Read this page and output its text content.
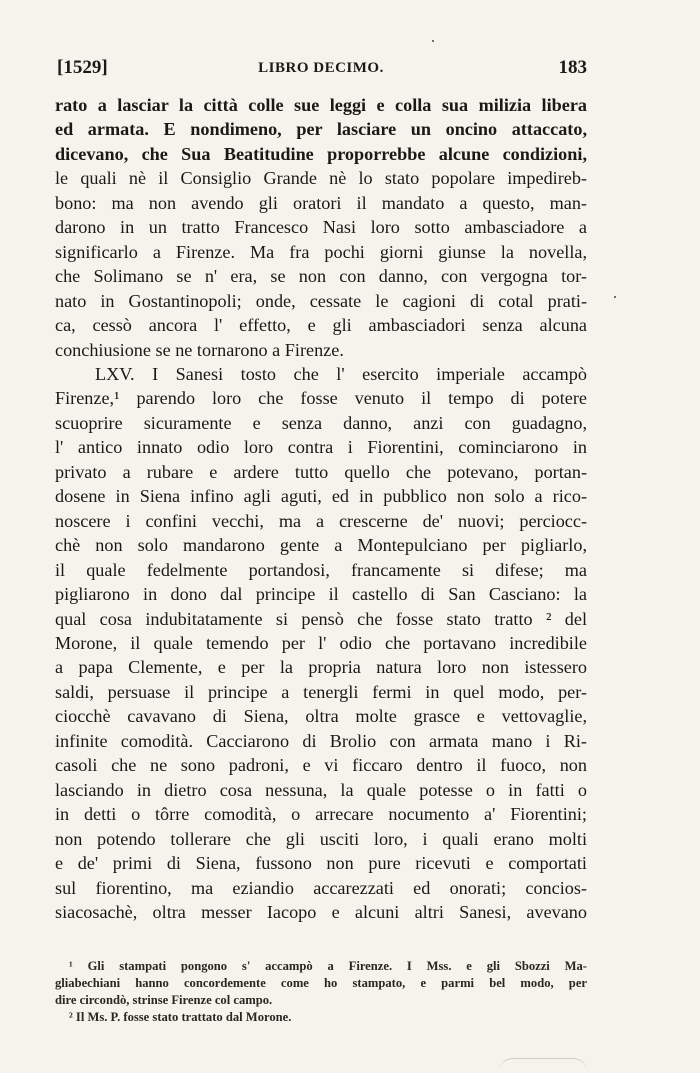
[1529]	LIBRO DECIMO.	183
rato a lasciar la città colle sue leggi e colla sua milizia libera
ed armata. E nondimeno, per lasciare un oncino attaccato,
dicevano, che Sua Beatitudine proporrebbe alcune condizioni,
le quali nè il Consiglio Grande nè lo stato popolare impedireb-
bono: ma non avendo gli oratori il mandato a questo, man-
darono in un tratto Francesco Nasi loro sotto ambasciadore a
significarlo a Firenze. Ma fra pochi giorni giunse la novella,
che Solimano se n' era, se non con danno, con vergogna tor-
nato in Gostantinopoli; onde, cessate le cagioni di cotal prati-
ca, cessò ancora l' effetto, e gli ambasciadori senza alcuna
conchiusione se ne tornarono a Firenze.
LXV. I Sanesi tosto che l' esercito imperiale accampò
Firenze,¹ parendo loro che fosse venuto il tempo di potere
scuoprire sicuramente e senza danno, anzi con guadagno,
l' antico innato odio loro contra i Fiorentini, cominciarono in
privato a rubare e ardere tutto quello che potevano, portan-
dosene in Siena infino agli aguti, ed in pubblico non solo a rico-
noscere i confini vecchi, ma a crescerne de' nuovi; perciocc-
chè non solo mandarono gente a Montepulciano per pigliarlo,
il quale fedelmente portandosi, francamente si difese; ma
pigliarono in dono dal principe il castello di San Casciano: la
qual cosa indubitatamente si pensò che fosse stato tratto ² del
Morone, il quale temendo per l' odio che portavano incredibile
a papa Clemente, e per la propria natura loro non istessero
saldi, persuase il principe a tenergli fermi in quel modo, per-
ciocchè cavavano di Siena, oltra molte grasce e vettovaglie,
infinite comodità. Cacciarono di Brolio con armata mano i Ri-
casoli che ne sono padroni, e vi ficcaro dentro il fuoco, non
lasciando in dietro cosa nessuna, la quale potesse o in fatti o
in detti o tôrre comodità, o arrecare nocumento a' Fiorentini;
non potendo tollerare che gli usciti loro, i quali erano molti
e de' primi di Siena, fussono non pure ricevuti e comportati
sul fiorentino, ma eziandio accarezzati ed onorati; concios-
siacosachè, oltra messer Iacopo e alcuni altri Sanesi, avevano
¹ Gli stampati pongono s' accampò a Firenze. I Mss. e gli Sbozzi Ma-
gliabechiani hanno concordemente come ho stampato, e parmi bel modo, per
dire circondò, strinse Firenze col campo.
² Il Ms. P. fosse stato trattato dal Morone.
